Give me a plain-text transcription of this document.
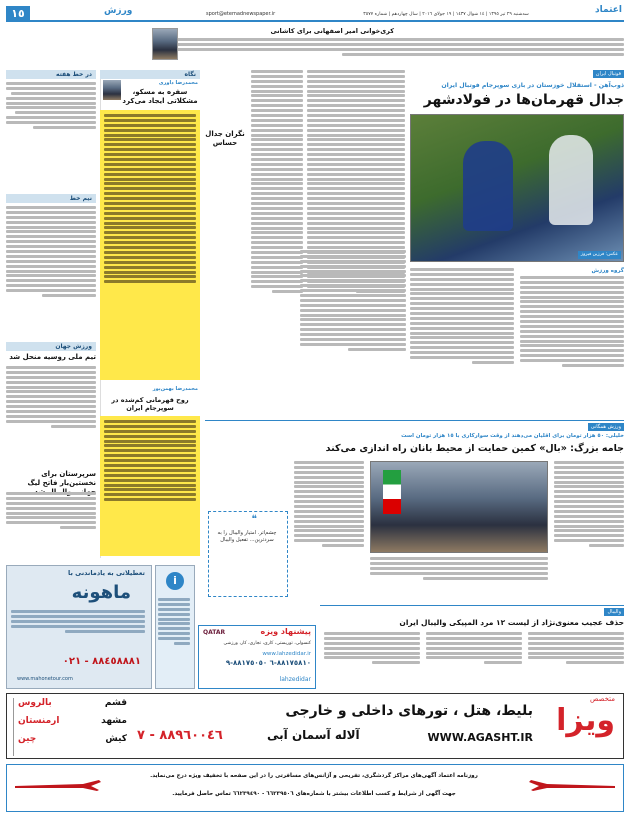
١٥	ورزش	sport@etemadnewspaper.ir	سه‌شنبه ٢٩ تیر ١٣٩٥ | ١٤ شوال ١٤٣٧ | ١٩ جولای ٢٠١٦ | سال چهاردهم | شماره ٣٥٧٧	اعتماد
کری‌خوانی امیر اصفهانی برای کاشانی
در خط هفته
نیم خط
ورزش جهان
تیم ملی روسیه منحل شد
سرپرستان برای نخستین‌بار فاتح لیگ
نگاه
محمدرضا داوری
سفره به مسکو، مشکلاتی ایجاد می‌کرد
محمدرضا بهمن‌پور
روح قهرمانی کم‌شده در سوپرجام ایران
نگران جدال حساس
فوتبال ایران
ذوب‌آهن - استقلال خوزستان در بازی سوپرجام فوتبال ایران
جدال قهرمان‌ها در فولادشهر
عکس: فرزین فیروز
گروه ورزش
ورزش همگانی
خلیلی: ٥٠ هزار تومان برای اقلیان می‌دهند از وقت سوارکاری با ١٥ هزار تومان است
جامه بزرگ: «بال» کمین حمایت از محیط بانان راه اندازی می‌کند
❝
چشم‌اتر. امتیار والیبال را به سردترین... تفعیل والیبال
والیبال
حذف عجیب معنوی‌نژاد از لیست ١٢ مرد المپیکی والیبال ایران
تعطیلاتی به یادماندنی با
ماهونه
٨٨٤٥٨٨٨١ - ٠٢١
www.mahonetour.com
i
QATAR	پیشنهاد ویزه
کنسولی، توریستی، کاری، تجاری، کار، ورزشی
www.lahzedidar.ir
٨٨١٧٥٨١٠-٦ ٨٨١٧٥٠٥٠-٩
lahzedidar
متخصص
ویزا
بلیط، هتل ، تورهای داخلی و خارجی
٨٨٩٦٠٠٤٦ - ٧	آلاله آسمان آبی	WWW.AGASHT.IR
بالروس	قشم
ارمنستان	مشهد
چین	کیش
روزنامه اعتماد آگهی‌های مراکز گردشگری، تفریحی و آژانس‌های مسافرتی را در این صفحه با تخفیف ویژه درج می‌نماید.
جهت آگهی از شرایط و کسب اطلاعات بیشتر با شماره‌های ٦٦٢٣٩٥٠٦ - ٦٦٢٣٩٤٩٠ تماس حاصل فرمایید.
